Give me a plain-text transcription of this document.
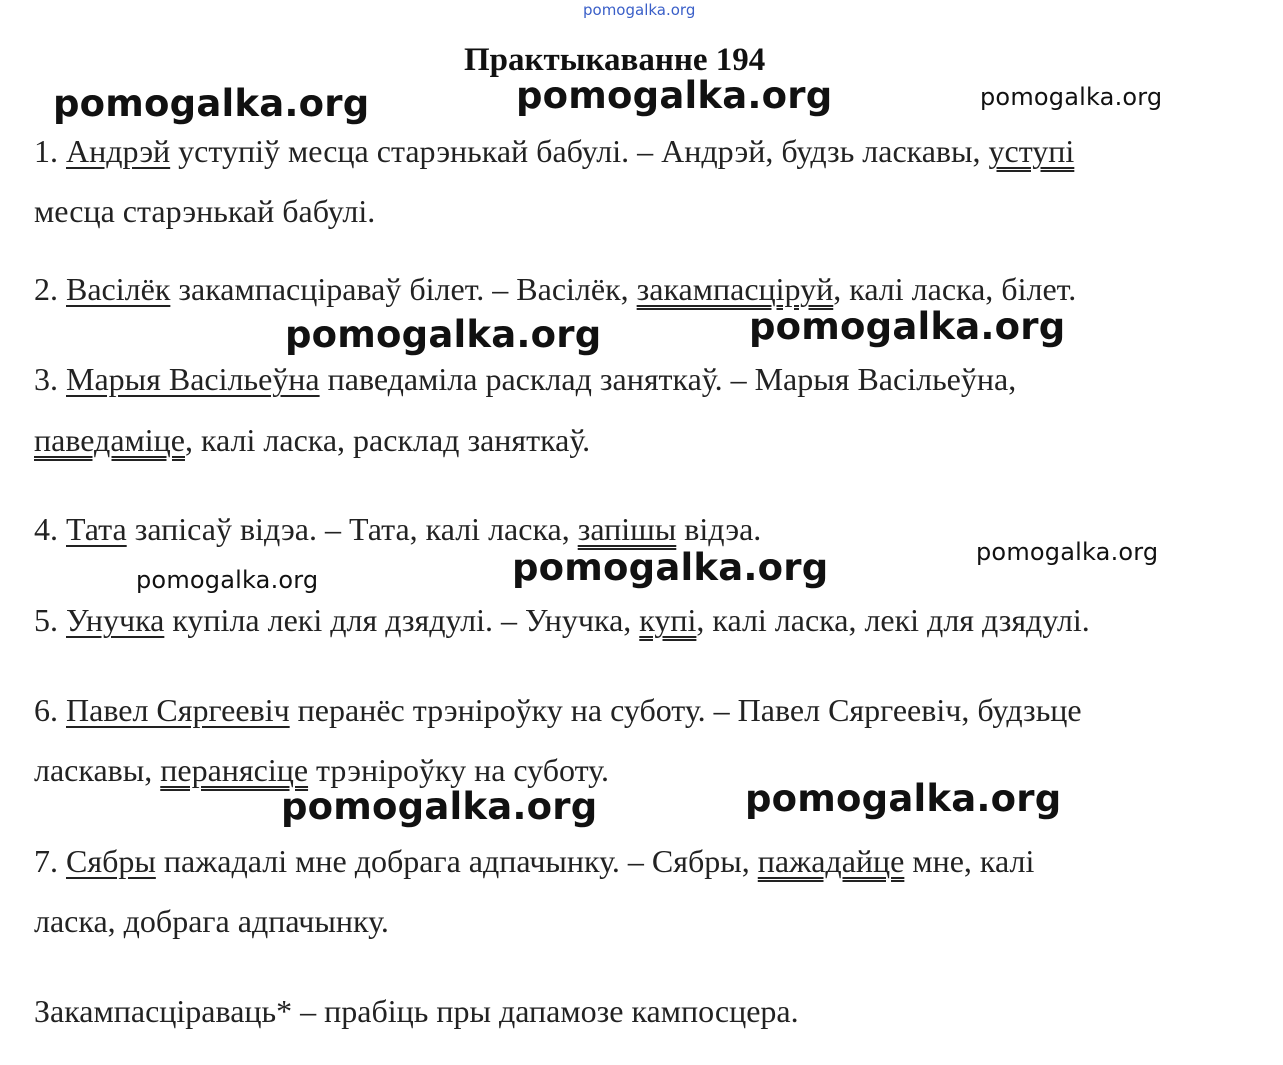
pomogalka.org
Практыкаванне 194
pomogalka.org	pomogalka.org	pomogalka.org
pomogalka.org	pomogalka.org
pomogalka.org	pomogalka.org
pomogalka.org
pomogalka.org	pomogalka.org
1. Андрэй уступіў месца старэнькай бабулі. – Андрэй, будзь ласкавы, уступі
месца старэнькай бабулі.
2. Васілёк закампасціраваў білет. – Васілёк, закампасціруй, калі ласка, білет.
3. Марыя Васільеўна паведаміла расклад заняткаў. – Марыя Васільеўна,
паведаміце, калі ласка, расклад заняткаў.
4. Тата запісаў відэа. – Тата, калі ласка, запішы відэа.
5. Унучка купіла лекі для дзядулі. – Унучка, купі, калі ласка, лекі для дзядулі.
6. Павел Сяргеевіч перанёс трэніроўку на суботу. – Павел Сяргеевіч, будзьце
ласкавы, перанясіце трэніроўку на суботу.
7. Сябры пажадалі мне добрага адпачынку. – Сябры, пажадайце мне, калі
ласка, добрага адпачынку.
Закампасціраваць* – прабіць пры дапамозе кампосцера.
